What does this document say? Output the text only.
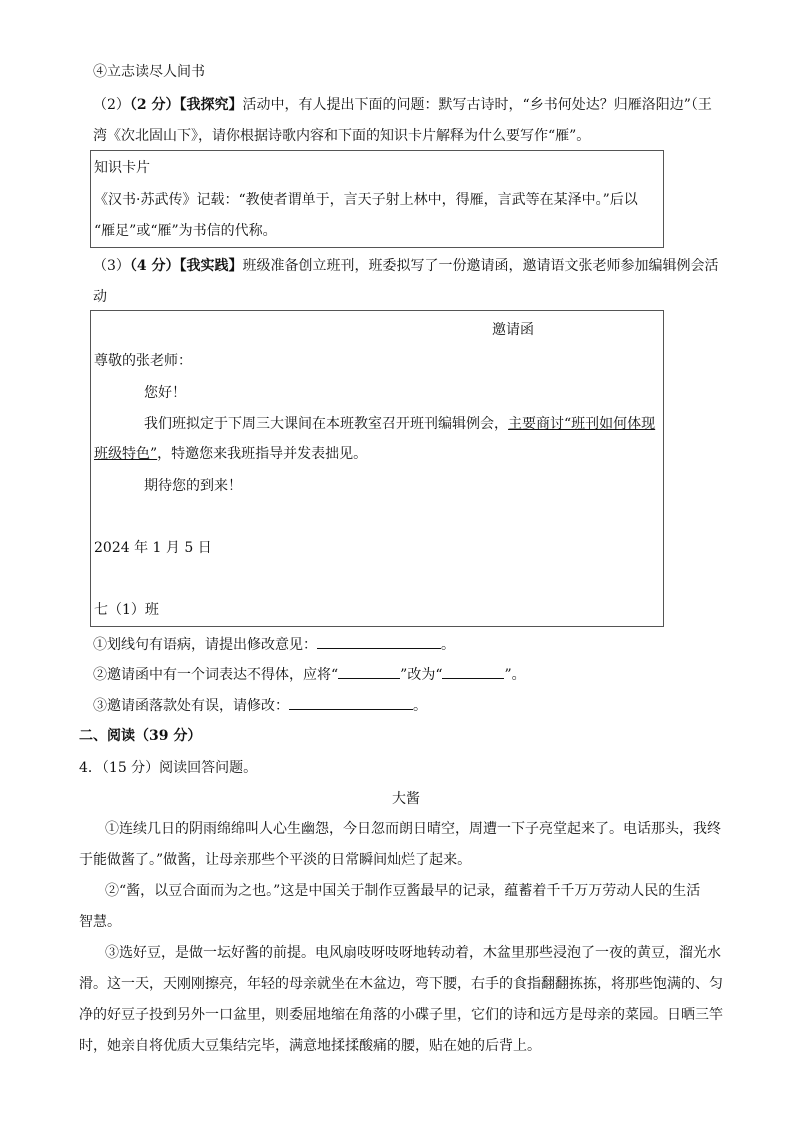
④立志读尽人间书
（2）（2 分）【我探究】活动中，有人提出下面的问题：默写古诗时，“乡书何处达？归雁洛阳边”（王
湾《次北固山下》，请你根据诗歌内容和下面的知识卡片解释为什么要写作“雁”。
知识卡片
《汉书·苏武传》记载：“教使者谓单于，言天子射上林中，得雁，言武等在某泽中。”后以
“雁足”或“雁”为书信的代称。
（3）（4 分）【我实践】班级准备创立班刊，班委拟写了一份邀请函，邀请语文张老师参加编辑例会活
动
邀请函
尊敬的张老师：
您好！
我们班拟定于下周三大课间在本班教室召开班刊编辑例会，主要商讨“班刊如何体现
班级特色”，特邀您来我班指导并发表拙见。
期待您的到来！
2024 年 1 月 5 日
七（1）班
①划线句有语病，请提出修改意见：	。
②邀请函中有一个词表达不得体，应将“	”改为“	”。
③邀请函落款处有误，请修改：	。
二、阅读（39 分）
4．（15 分）阅读回答问题。
大酱
①连续几日的阴雨绵绵叫人心生幽怨，今日忽而朗日晴空，周遭一下子亮堂起来了。电话那头，我终
于能做酱了。”做酱，让母亲那些个平淡的日常瞬间灿烂了起来。
②“酱，以豆合面而为之也。”这是中国关于制作豆酱最早的记录，蕴蓄着千千万万劳动人民的生活
智慧。
③选好豆，是做一坛好酱的前提。电风扇吱呀吱呀地转动着，木盆里那些浸泡了一夜的黄豆，溜光水
滑。这一天，天刚刚擦亮，年轻的母亲就坐在木盆边，弯下腰，右手的食指翻翻拣拣，将那些饱满的、匀
净的好豆子投到另外一口盆里，则委屈地缩在角落的小碟子里，它们的诗和远方是母亲的菜园。日晒三竿
时，她亲自将优质大豆集结完毕，满意地揉揉酸痛的腰，贴在她的后背上。
